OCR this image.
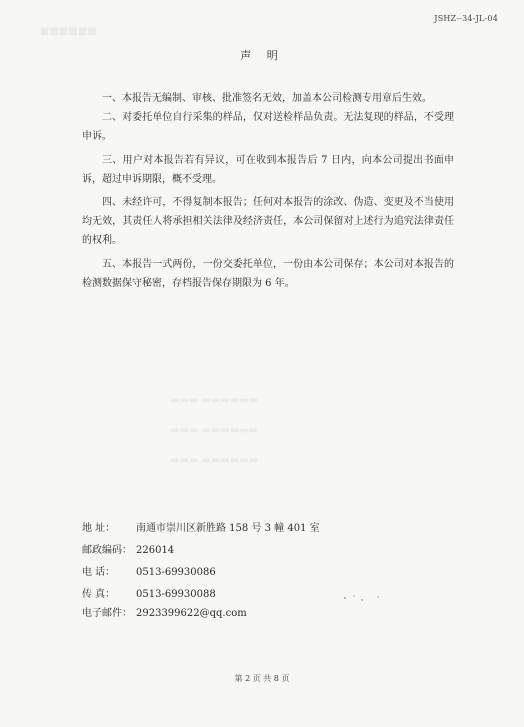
■■■■■■
▬▬▬ ▬▬▬▬▬▬
▬▬▬ ▬▬▬▬▬▬
▬▬▬ ▬▬▬▬▬▬
JSHZ--34-JL-04
声 明
一、本报告无编制、审核、批准签名无效，加盖本公司检测专用章后生效。
二、对委托单位自行采集的样品，仅对送检样品负责。无法复现的样品，不受理申诉。
三、用户对本报告若有异议，可在收到本报告后 7 日内，向本公司提出书面申诉，超过申诉期限，概不受理。
四、未经许可，不得复制本报告；任何对本报告的涂改、伪造、变更及不当使用均无效，其责任人将承担相关法律及经济责任，本公司保留对上述行为追究法律责任的权利。
五、本报告一式两份，一份交委托单位，一份由本公司保存；本公司对本报告的检测数据保守秘密，存档报告保存期限为 6 年。
地 址： 南通市崇川区新胜路 158 号 3 幢 401 室
邮政编码： 226014
电 话： 0513-69930086
传 真： 0513-69930088
电子邮件： 2923399622@qq.com
第 2 页 共 8 页
